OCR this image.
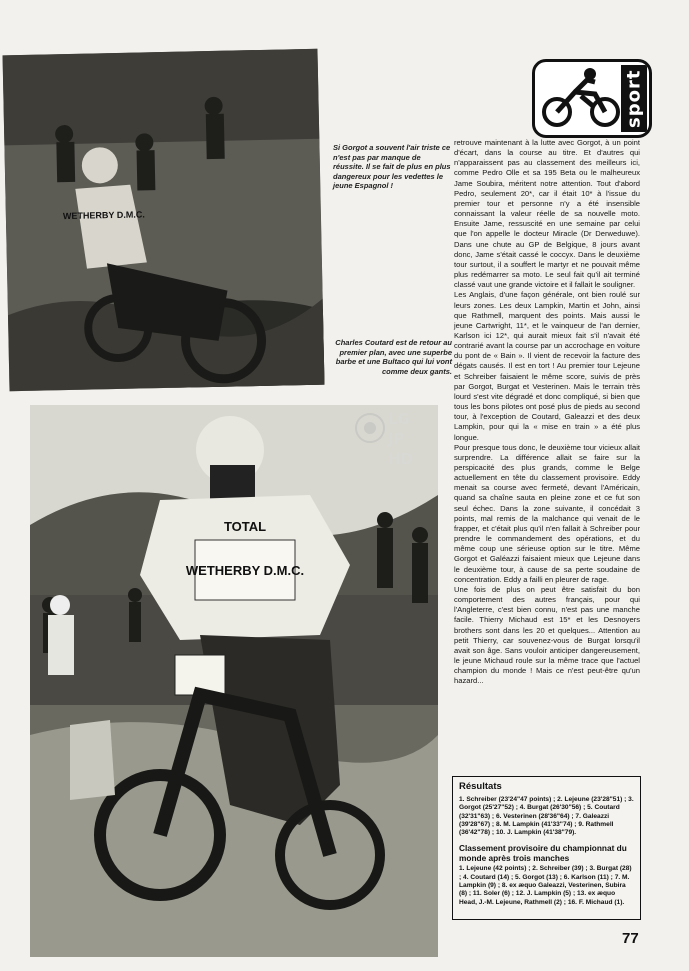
sport
WETHERBY D.M.C.
Si Gorgot a souvent l'air triste ce n'est pas par manque de réussite. Il se fait de plus en plus dangereux pour les vedettes le jeune Espagnol !
Charles Coutard est de retour au premier plan, avec une superbe barbe et une Bultaco qui lui vont comme deux gants.
TOTAL
WETHERBY D.M.C.
LG
JP
HD

retrouve maintenant à la lutte avec Gorgot, à un point d'écart, dans la course au titre. Et d'autres qui n'apparaissent pas au classement des meilleurs ici, comme Pedro Olle et sa 195 Beta ou le malheureux Jame Soubira, méritent notre attention. Tout d'abord Pedro, seulement 20*, car il était 10* à l'issue du premier tour et personne n'y a été insensible connaissant la valeur réelle de sa nouvelle moto. Ensuite Jame, ressuscité en une semaine par celui que l'on appelle le docteur Miracle (Dr Derweduwe). Dans une chute au GP de Belgique, 8 jours avant donc, Jame s'était cassé le coccyx. Dans le deuxième tour surtout, il a souffert le martyr et ne pouvait même plus redémarrer sa moto. Le seul fait qu'il ait terminé classé vaut une grande victoire et il fallait le souligner.

Les Anglais, d'une façon générale, ont bien roulé sur leurs zones. Les deux Lampkin, Martin et John, ainsi que Rathmell, marquent des points. Mais aussi le jeune Cartwright, 11*, et le vainqueur de l'an dernier, Karlson ici 12*, qui aurait mieux fait s'il n'avait été contrarié avant la course par un accrochage en voiture du pont de « Bain ». Il vient de recevoir la facture des dégats causés. Il est en tort ! Au premier tour Lejeune et Schreiber faisaient le même score, suivis de près par Gorgot, Burgat et Vesterinen. Mais le terrain très lourd s'est vite dégradé et donc compliqué, si bien que tous les bons pilotes ont posé plus de pieds au second tour, à l'exception de Coutard, Galeazzi et des deux Lampkin, pour qui la « mise en train » a été plus longue.

Pour presque tous donc, le deuxième tour vicieux allait surprendre. La différence allait se faire sur la perspicacité des plus grands, comme le Belge actuellement en tête du classement provisoire. Eddy menait sa course avec fermeté, devant l'Américain, quand sa chaîne sauta en pleine zone et ce fut son seul échec. Dans la zone suivante, il concédait 3 points, mal remis de la malchance qui venait de le frapper, et c'était plus qu'il n'en fallait à Schreiber pour prendre le commandement des opérations, et du même coup une sérieuse option sur le titre. Même Gorgot et Galéazzi faisaient mieux que Lejeune dans le deuxième tour, à cause de sa perte soudaine de concentration. Eddy a failli en pleurer de rage.

Une fois de plus on peut être satisfait du bon comportement des autres français, pour qui l'Angleterre, c'est bien connu, n'est pas une manche facile. Thierry Michaud est 15* et les Desnoyers brothers sont dans les 20 et quelques... Attention au petit Thierry, car souvenez-vous de Burgat lorsqu'il avait son âge. Sans vouloir anticiper dangereusement, le jeune Michaud roule sur la même trace que l'actuel champion du monde ! Mais ce n'est peut-être qu'un hazard...

Résultats

1. Schreiber (23'24"47 points) ; 2. Lejeune (23'28"51) ; 3. Gorgot (25'27"52) ; 4. Burgat (26'30"56) ; 5. Coutard (32'31"63) ; 6. Vesterinen (28'36"64) ; 7. Galeazzi (39'28"67) ; 8. M. Lampkin (41'33"74) ; 9. Rathmell (36'42"78) ; 10. J. Lampkin (41'38"79).

Classement provisoire du championnat du monde après trois manches

1. Lejeune (42 points) ; 2. Schreiber (39) ; 3. Burgat (28) ; 4. Coutard (14) ; 5. Gorgot (13) ; 6. Karlson (11) ; 7. M. Lampkin (9) ; 8. ex æquo Galeazzi, Vesterinen, Subira (8) ; 11. Soler (6) ; 12. J. Lampkin (5) ; 13. ex æquo Head, J.-M. Lejeune, Rathmell (2) ; 16. F. Michaud (1).

77
